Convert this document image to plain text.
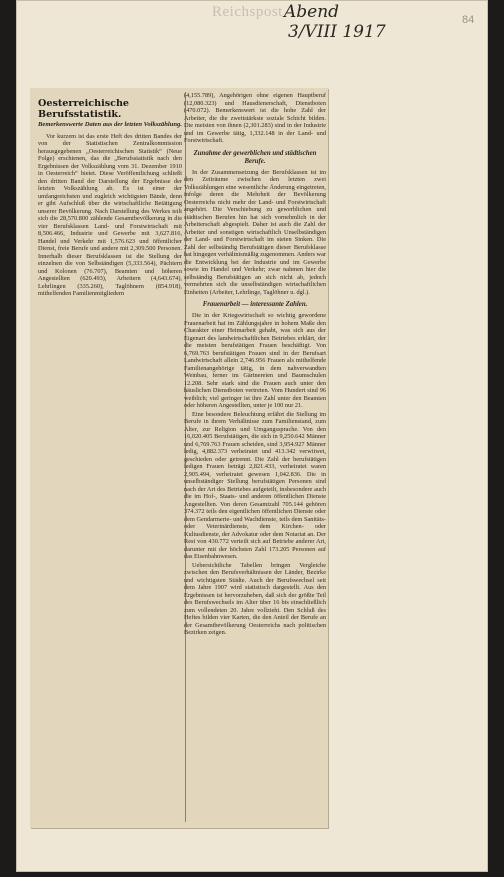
Reichspost Abend
3/VIII 1917
84
Oesterreichische Berufsstatistik.
Bemerkenswerte Daten aus der letzten Volkszählung.

Vor kurzem ist das erste Heft des dritten Bandes der von der Statistischen Zentralkommission herausgegebenen „Oesterreichischen Statistik“ (Neue Folge) erschienen, das die „Berufsstatistik nach den Ergebnissen der Volkszählung vom 31. Dezember 1910 in Oesterreich“ bietet. Diese Veröffentlichung schließt den dritten Band der Darstellung der Ergebnisse der letzten Volkszählung ab. Es ist einer der umfangreichsten und zugleich wichtigsten Bände, denn er gibt Aufschluß über die wirtschaftliche Betätigung unserer Bevölkerung. Nach Darstellung des Werkes teilt sich die 28,570.800 zählende Gesamtbevölkerung in die vier Berufsklassen Land- und Forstwirtschaft mit 8,506.466, Industrie und Gewerbe mit 3,627.816, Handel und Verkehr mit 1,576.623 und öffentlicher Dienst, freie Berufe und andere mit 2,309.500 Personen. Innerhalb dieser Berufsklassen ist die Stellung der einzelnen die von Selbständigen (5,333.564), Pächtern und Kolonen (76.707), Beamten und höheren Angestellten (620.493), Arbeitern (4,643.674), Lehrlingen (335.260), Taglöhnern (854.918), mithelfenden Familienmitgliedern

(4,155.789), Angehörigen ohne eigenen Hauptberuf (12,080.323) und Hausdienerschaft, Dienstboten (470.072). Bemerkenswert ist die hohe Zahl der Arbeiter, die die zweitstärkste soziale Schicht bilden. Die meisten von ihnen (2,301.283) sind in der Industrie und im Gewerbe tätig, 1,332.148 in der Land- und Forstwirtschaft.

Zunahme der gewerblichen und städtischen Berufe.

In der Zusammensetzung der Berufsklassen ist im den Zeiträume zwischen den letzten zwei Volkszählungen eine wesentliche Änderung eingetreten, infolge deren die Mehrheit der Bevölkerung Oesterreichs nicht mehr der Land- und Forstwirtschaft angehört. Die Verschiebung zu gewerblichen und städtischen Berufen hin hat sich vornehmlich in der Arbeiterschaft abgespielt. Daher ist auch die Zahl der Arbeiter und sonstigen wirtschaftlich Unselbständigen der Land- und Forstwirtschaft im steten Sinken. Die Zahl der selbständig Berufstätigen dieser Berufsklasse hat hingegen verhältnismäßig zugenommen. Anders war die Entwicklung bei der Industrie und im Gewerbe sowie im Handel und Verkehr; zwar nahmen hier die selbständig Berufstätigen an sich nicht ab, jedoch vermehrten sich die unselbständigen wirtschaftlichen Einheiten (Arbeiter, Lehrlinge, Taglöhner u. dgl.).

Frauenarbeit — interessante Zahlen.

Die in der Kriegswirtschaft so wichtig gewordene Frauenarbeit hat im Zählungsjahre in hohem Maße den Charakter einer Heimarbeit gehabt, was sich aus der Eigenart des landwirtschaftlichen Betriebes erklärt, der die meisten berufstätigen Frauen beschäftigt. Von 6,769.763 berufstätigen Frauen sind in der Berufsart Landwirtschaft allein 2,746.956 Frauen als mithelfende Familienangehörige tätig, in dem nahverwandten Weinbau, ferner im Gärtnereien und Baumschulen 12.208. Sehr stark sind die Frauen auch unter den häuslichen Dienstboten vertreten. Vom Hundert sind 96 weiblich; viel geringer ist ihre Zahl unter den Beamten oder höheren Angestellten, unter je 100 nur 21.

Eine besondere Beleuchtung erfährt die Stellung im Berufe in ihrem Verhältnisse zum Familienstand, zum Alter, zur Religion und Umgangssprache. Von den 16,020.405 Berufstätigen, die sich in 9,250.642 Männer und 6,769.763 Frauen scheiden, sind 3,954.927 Männer ledig, 4,882.373 verheiratet und 413.342 verwitwet, geschieden oder getrennt. Die Zahl der berufstätigen ledigen Frauen beträgt 2,821.433, verheiratet waren 2,905.494, verheiratet gewesen 1,042.836. Die in unselbständiger Stellung berufstätigen Personen sind nach der Art des Betriebes aufgeteilt, insbesondere auch die im Hof-, Staats- und anderen öffentlichen Dienste Angestellten. Von deren Gesamtzahl 705.144 gehören 374.372 teils den eigentlichen öffentlichen Dienste oder dem Gendarmerie- und Wachdienste, teils dem Sanitäts- oder Veterinärdienste, dem Kirchen- oder Kultusdienste, der Advokatur oder dem Notariat an. Der Rest von 430.772 verteilt sich auf Betriebe anderer Art, darunter mit der höchsten Zahl 173.205 Personen auf das Eisenbahnwesen.

Uebersichtliche Tabellen bringen Vergleiche zwischen den Berufsverhältnissen der Länder, Bezirke und wichtigsten Städte. Auch der Berufswechsel seit dem Jahre 1907 wird statistisch dargestellt. Aus den Ergebnissen ist hervorzuheben, daß sich der größte Teil des Berufswechsels im Alter über 16 bis einschließlich zum vollendeten 20. Jahre vollzieht. Den Schluß des Heftes bilden vier Karten, die den Anteil der Berufe an der Gesamtbevölkerung Oesterreichs nach politischen Bezirken zeigen.
